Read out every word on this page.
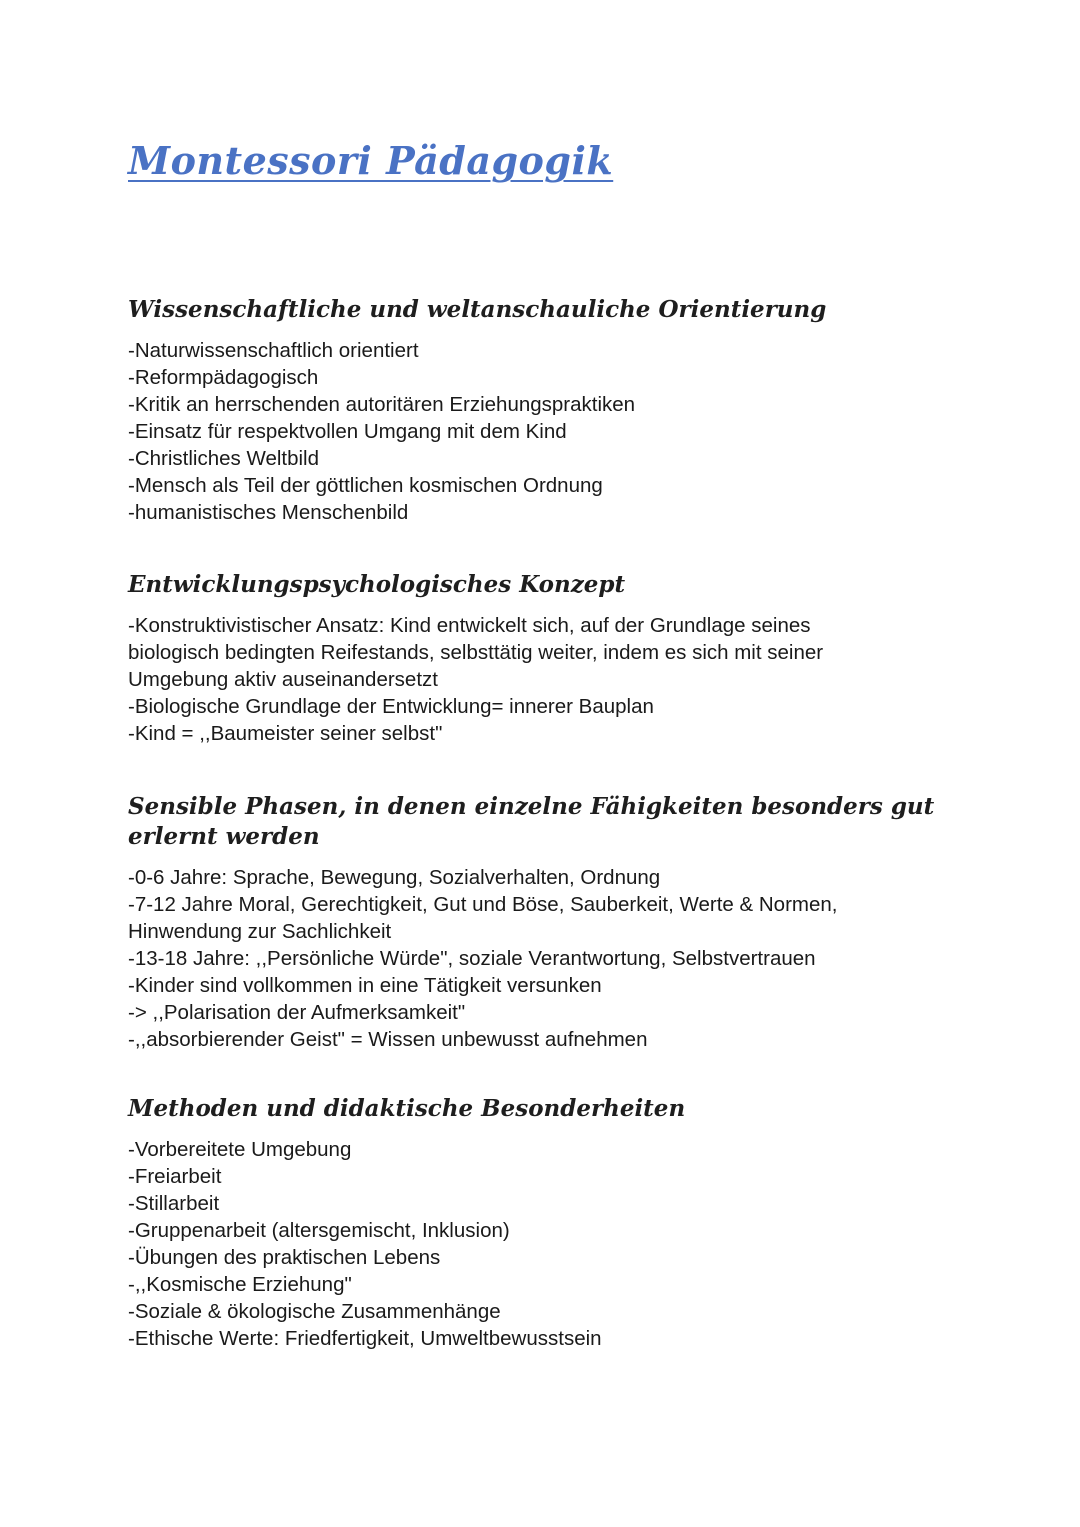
Montessori Pädagogik
Wissenschaftliche und weltanschauliche Orientierung
-Naturwissenschaftlich orientiert
-Reformpädagogisch
-Kritik an herrschenden autoritären Erziehungspraktiken
-Einsatz für respektvollen Umgang mit dem Kind
-Christliches Weltbild
-Mensch als Teil der göttlichen kosmischen Ordnung
-humanistisches Menschenbild
Entwicklungspsychologisches Konzept
-Konstruktivistischer Ansatz: Kind entwickelt sich, auf der Grundlage seines
biologisch bedingten Reifestands, selbsttätig weiter, indem es sich mit seiner
Umgebung aktiv auseinandersetzt
-Biologische Grundlage der Entwicklung= innerer Bauplan
-Kind = ,,Baumeister seiner selbst"
Sensible Phasen, in denen einzelne Fähigkeiten besonders gut erlernt werden
-0-6 Jahre: Sprache, Bewegung, Sozialverhalten, Ordnung
-7-12 Jahre Moral, Gerechtigkeit, Gut und Böse, Sauberkeit, Werte & Normen,
Hinwendung zur Sachlichkeit
-13-18 Jahre: ,,Persönliche Würde", soziale Verantwortung, Selbstvertrauen
-Kinder sind vollkommen in eine Tätigkeit versunken
-> ,,Polarisation der Aufmerksamkeit"
-,,absorbierender Geist" = Wissen unbewusst aufnehmen
Methoden und didaktische Besonderheiten
-Vorbereitete Umgebung
-Freiarbeit
-Stillarbeit
-Gruppenarbeit (altersgemischt, Inklusion)
-Übungen des praktischen Lebens
-,,Kosmische Erziehung"
-Soziale & ökologische Zusammenhänge
-Ethische Werte: Friedfertigkeit, Umweltbewusstsein
